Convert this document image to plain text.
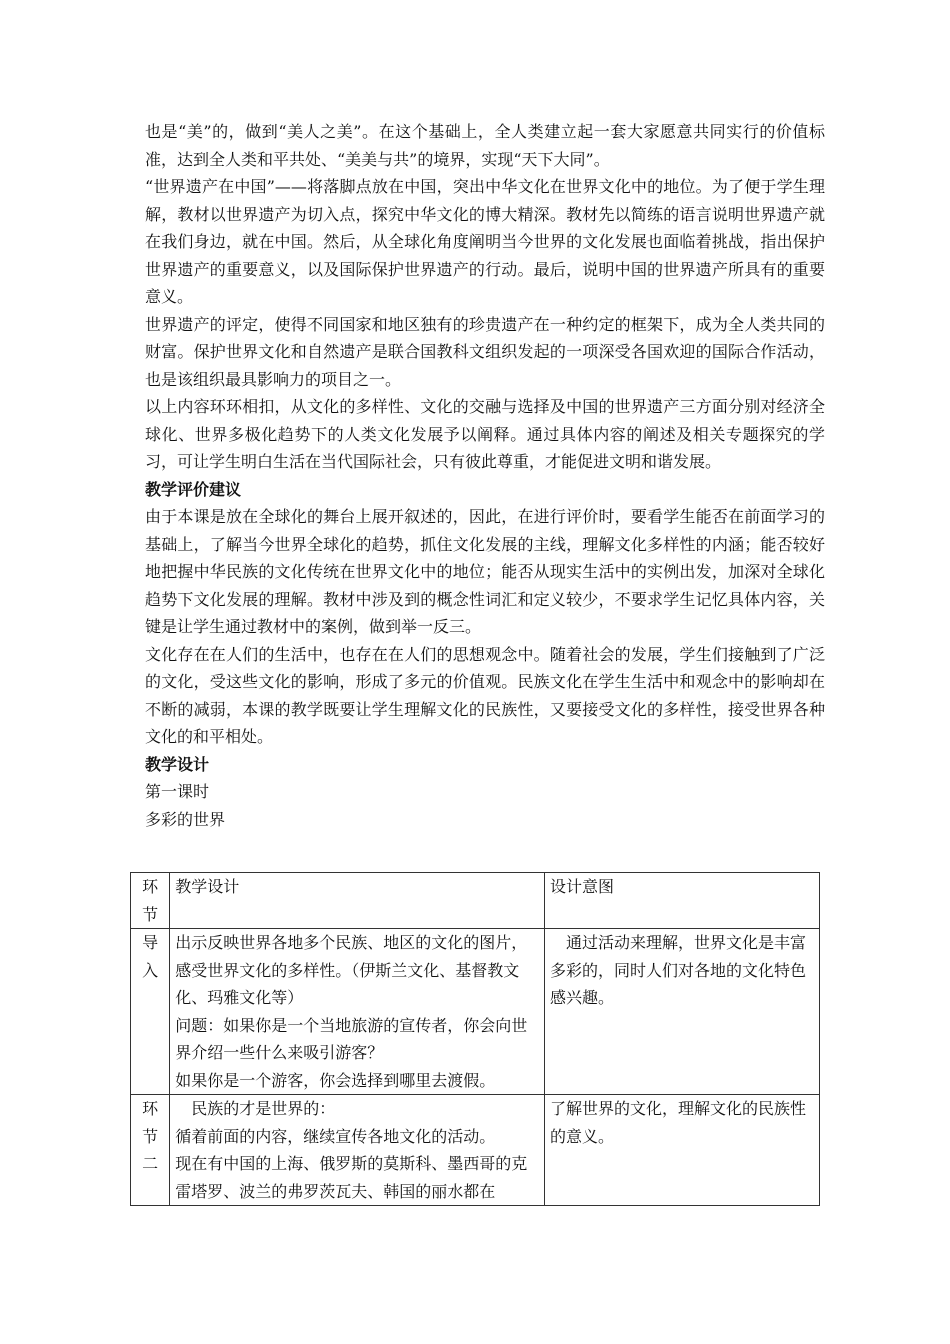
也是“美”的，做到“美人之美”。在这个基础上，全人类建立起一套大家愿意共同实行的价值标准，达到全人类和平共处、“美美与共”的境界，实现“天下大同”。

“世界遗产在中国”——将落脚点放在中国，突出中华文化在世界文化中的地位。为了便于学生理解，教材以世界遗产为切入点，探究中华文化的博大精深。教材先以简练的语言说明世界遗产就在我们身边，就在中国。然后，从全球化角度阐明当今世界的文化发展也面临着挑战，指出保护世界遗产的重要意义，以及国际保护世界遗产的行动。最后，说明中国的世界遗产所具有的重要意义。

世界遗产的评定，使得不同国家和地区独有的珍贵遗产在一种约定的框架下，成为全人类共同的财富。保护世界文化和自然遗产是联合国教科文组织发起的一项深受各国欢迎的国际合作活动，也是该组织最具影响力的项目之一。

以上内容环环相扣，从文化的多样性、文化的交融与选择及中国的世界遗产三方面分别对经济全球化、世界多极化趋势下的人类文化发展予以阐释。通过具体内容的阐述及相关专题探究的学习，可让学生明白生活在当代国际社会，只有彼此尊重，才能促进文明和谐发展。

教学评价建议

由于本课是放在全球化的舞台上展开叙述的，因此，在进行评价时，要看学生能否在前面学习的基础上，了解当今世界全球化的趋势，抓住文化发展的主线，理解文化多样性的内涵；能否较好地把握中华民族的文化传统在世界文化中的地位；能否从现实生活中的实例出发，加深对全球化趋势下文化发展的理解。教材中涉及到的概念性词汇和定义较少，不要求学生记忆具体内容，关键是让学生通过教材中的案例，做到举一反三。

文化存在在人们的生活中，也存在在人们的思想观念中。随着社会的发展，学生们接触到了广泛的文化，受这些文化的影响，形成了多元的价值观。民族文化在学生生活中和观念中的影响却在不断的减弱，本课的教学既要让学生理解文化的民族性，又要接受文化的多样性，接受世界各种文化的和平相处。

教学设计

第一课时

多彩的世界

环
节	教学设计	设计意图

导
入	出示反映世界各地多个民族、地区的文化的图片，感受世界文化的多样性。（伊斯兰文化、基督教文化、玛雅文化等）
问题：如果你是一个当地旅游的宣传者，你会向世界介绍一些什么来吸引游客？
如果你是一个游客，你会选择到哪里去渡假。	　通过活动来理解，世界文化是丰富多彩的，同时人们对各地的文化特色感兴趣。

环
节
二	　民族的才是世界的：
循着前面的内容，继续宣传各地文化的活动。
现在有中国的上海、俄罗斯的莫斯科、墨西哥的克雷塔罗、波兰的弗罗茨瓦夫、韩国的丽水都在	了解世界的文化，理解文化的民族性的意义。
